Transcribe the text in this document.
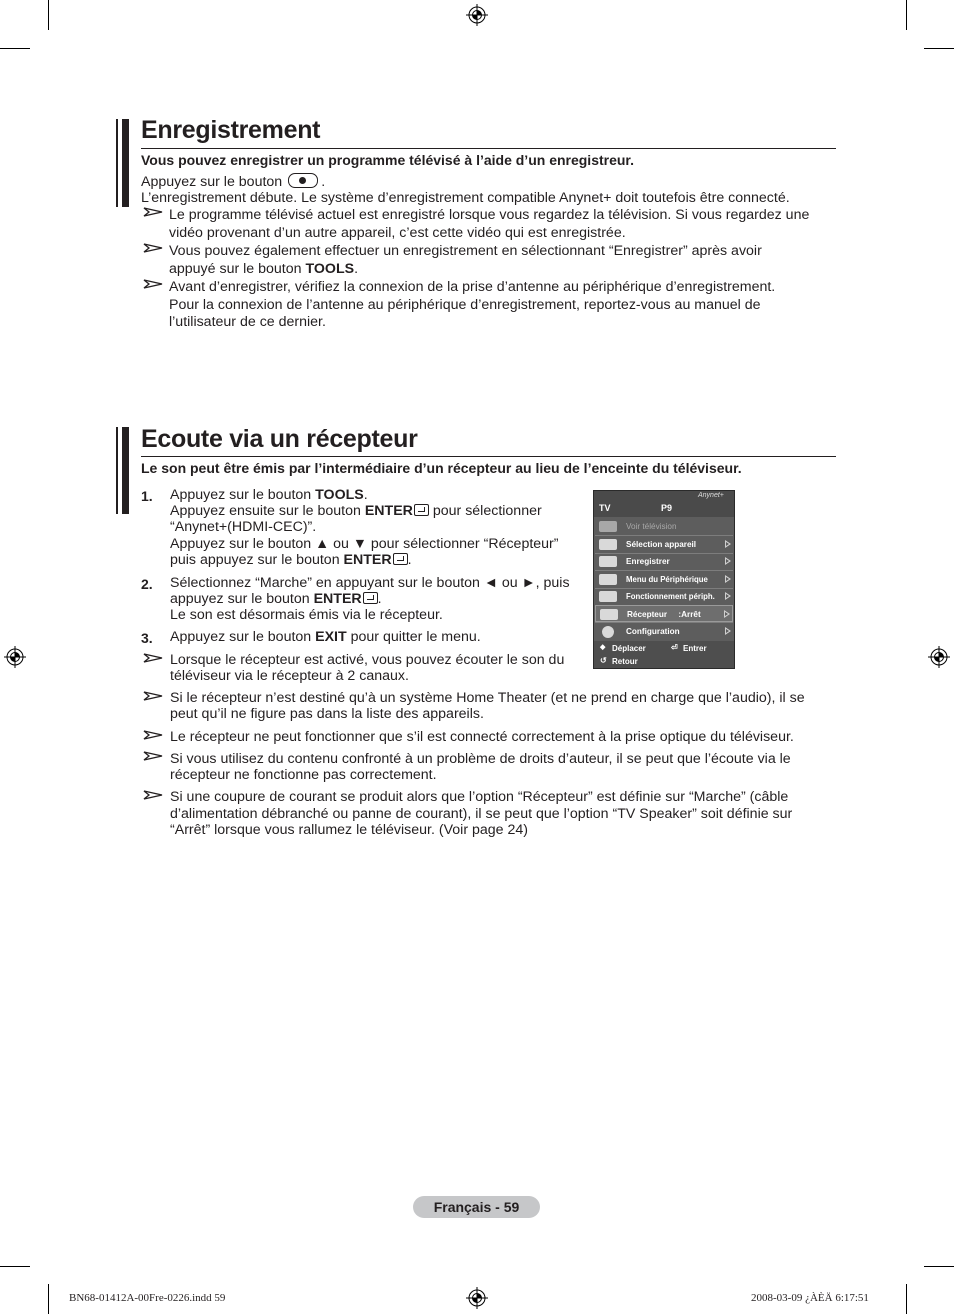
Enregistrement
Vous pouvez enregistrer un programme télévisé à l’aide d’un enregistreur.
Appuyez sur le bouton	.
L’enregistrement débute. Le système d’enregistrement compatible Anynet+ doit toutefois être connecté.
Le programme télévisé actuel est enregistré lorsque vous regardez la télévision. Si vous regardez une
vidéo provenant d’un autre appareil, c’est cette vidéo qui est enregistrée.
Vous pouvez également effectuer un enregistrement en sélectionnant “Enregistrer” après avoir
appuyé sur le bouton TOOLS.
Avant d’enregistrer, vérifiez la connexion de la prise d’antenne au périphérique d’enregistrement.
Pour la connexion de l’antenne au périphérique d’enregistrement, reportez-vous au manuel de
l’utilisateur de ce dernier.
Ecoute via un récepteur
Le son peut être émis par l’intermédiaire d’un récepteur au lieu de l’enceinte du téléviseur.
1. Appuyez sur le bouton TOOLS.
Appuyez ensuite sur le bouton ENTER pour sélectionner
“Anynet+(HDMI-CEC)”.
Appuyez sur le bouton ▲ ou ▼ pour sélectionner “Récepteur”
puis appuyez sur le bouton ENTER .
2. Sélectionnez “Marche” en appuyant sur le bouton ◄ ou ►, puis
appuyez sur le bouton ENTER .
Le son est désormais émis via le récepteur.
3. Appuyez sur le bouton EXIT pour quitter le menu.
Lorsque le récepteur est activé, vous pouvez écouter le son du
téléviseur via le récepteur à 2 canaux.
Si le récepteur n’est destiné qu’à un système Home Theater (et ne prend en charge que l’audio), il se
peut qu’il ne figure pas dans la liste des appareils.
Le récepteur ne peut fonctionner que s’il est connecté correctement à la prise optique du téléviseur.
Si vous utilisez du contenu confronté à un problème de droits d’auteur, il se peut que l’écoute via le
récepteur ne fonctionne pas correctement.
Si une coupure de courant se produit alors que l’option “Récepteur” est définie sur “Marche” (câble
d’alimentation débranché ou panne de courant), il se peut que l’option “TV Speaker” soit définie sur
“Arrêt” lorsque vous rallumez le téléviseur. (Voir page 24)
TV	P9
Anynet+
Voir télévision
Sélection appareil
Enregistrer
Menu du Périphérique
Fonctionnement périph.
Récepteur     :Arrêt
Configuration
◆ Déplacer	⏎ Entrer
↺ Retour
Français - 59
BN68-01412A-00Fre-0226.indd 59	2008-03-09 ¿ÀÈÄ 6:17:51
